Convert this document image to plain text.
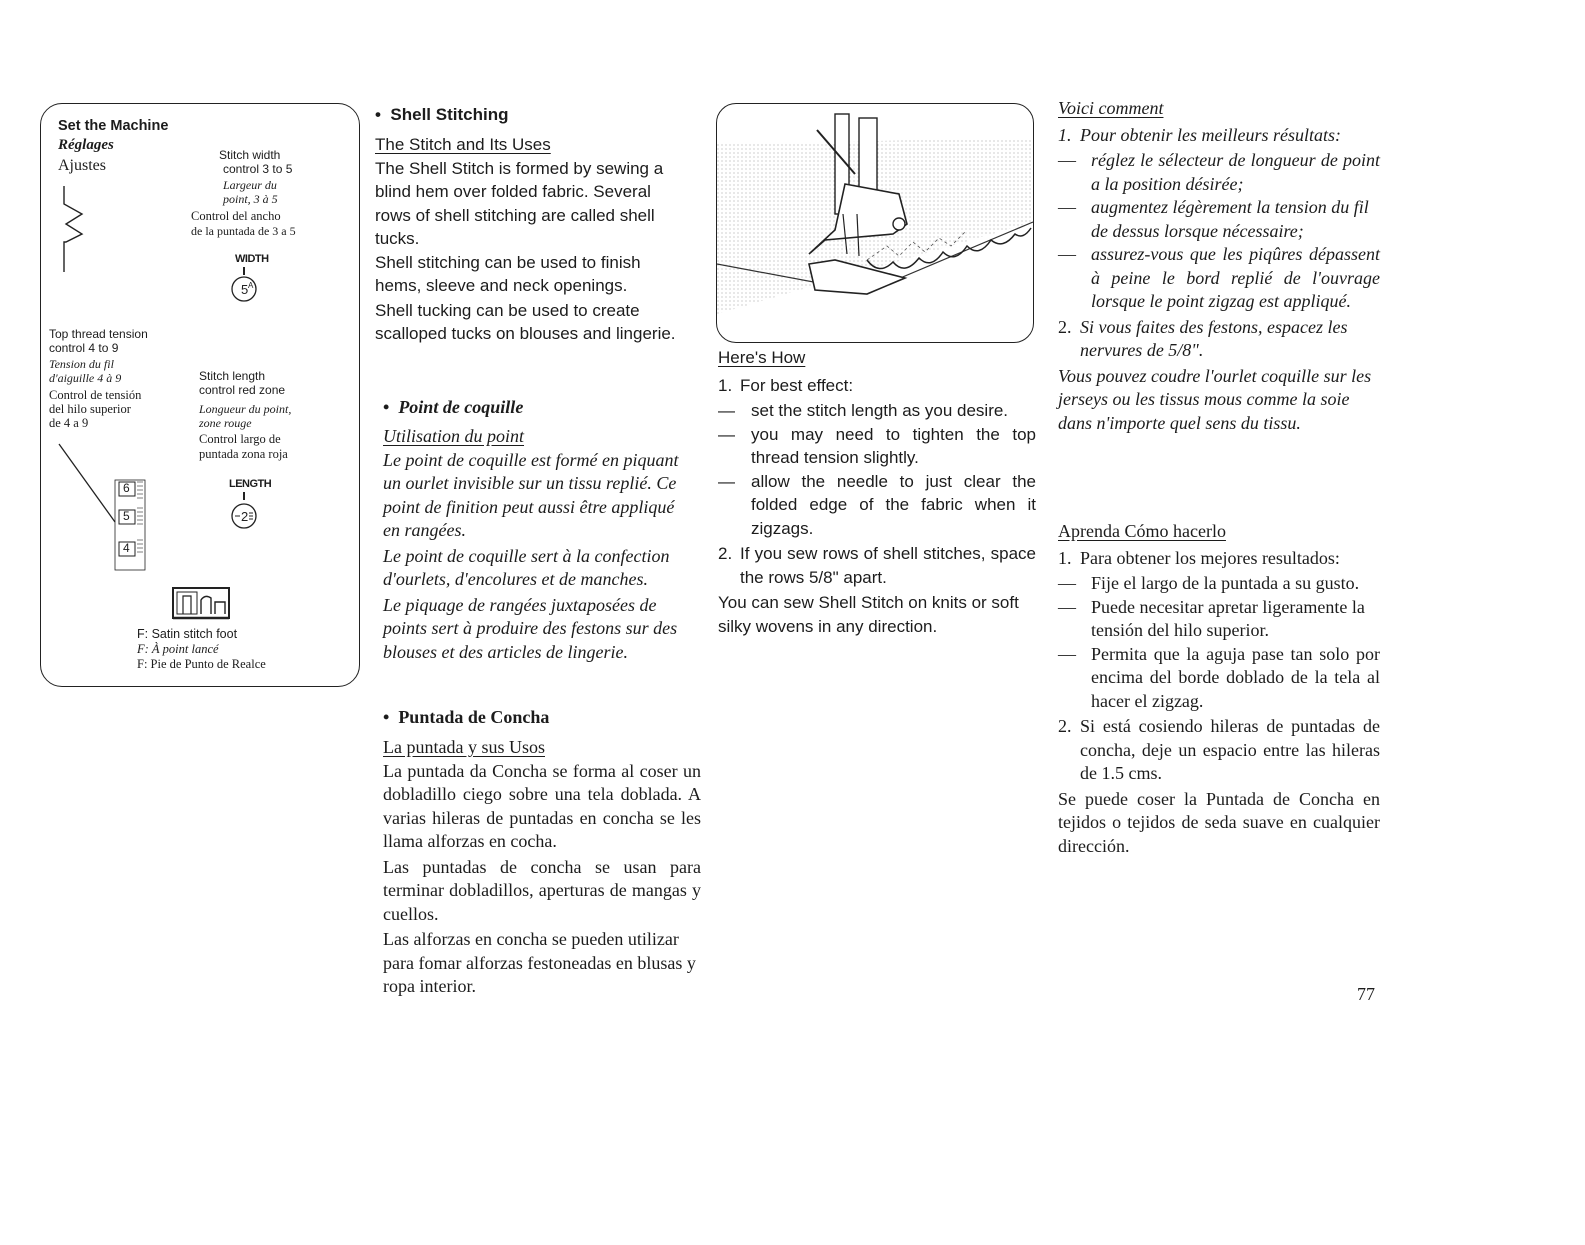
Set the Machine
Réglages
Ajustes
Stitch width
control 3 to 5
Largeur du
point, 3 à 5
Control del ancho
de la puntada de 3 a 5
WIDTH
5 A
Top thread tension
control 4 to 9
Tension du fil
d'aiguille 4 à 9
Control de tensión
del hilo superior
de 4 a 9
6
5
4
Stitch length
control red zone
Longueur du point,
zone rouge
Control largo de
puntada zona roja
LENGTH
2
F: Satin stitch foot
F: À point lancé
F: Pie de Punto de Realce
• Shell Stitching
The Stitch and Its Uses

The Shell Stitch is formed by sewing a blind hem over folded fabric. Several rows of shell stitching are called shell tucks.

Shell stitching can be used to finish hems, sleeve and neck openings.

Shell tucking can be used to create scalloped tucks on blouses and lingerie.

• Point de coquille
Utilisation du point

Le point de coquille est formé en piquant un ourlet invisible sur un tissu replié. Ce point de finition peut aussi être appliqué en rangées.

Le point de coquille sert à la confection d'ourlets, d'encolures et de manches.

Le piquage de rangées juxtaposées de points sert à produire des festons sur des blouses et des articles de lingerie.

• Puntada de Concha
La puntada y sus Usos

La puntada da Concha se forma al coser un dobladillo ciego sobre una tela doblada. A varias hileras de puntadas en concha se les llama alforzas en cocha.

Las puntadas de concha se usan para terminar dobladillos, aperturas de mangas y cuellos.

Las alforzas en concha se pueden utilizar para fomar alforzas festoneadas en blusas y ropa interior.

Here's How
1. For best effect:
— set the stitch length as you desire.
— you may need to tighten the top thread tension slightly.
— allow the needle to just clear the folded edge of the fabric when it zigzags.
2. If you sew rows of shell stitches, space the rows 5/8" apart.

You can sew Shell Stitch on knits or soft silky wovens in any direction.

Voici comment
1. Pour obtenir les meilleurs résultats:
— réglez le sélecteur de longueur de point a la position désirée;
— augmentez légèrement la tension du fil de dessus lorsque nécessaire;
— assurez-vous que les piqûres dépassent à peine le bord replié de l'ouvrage lorsque le point zigzag est appliqué.
2. Si vous faites des festons, espacez les nervures de 5/8".

Vous pouvez coudre l'ourlet coquille sur les jerseys ou les tissus mous comme la soie dans n'importe quel sens du tissu.

Aprenda Cómo hacerlo
1. Para obtener los mejores resultados:
— Fije el largo de la puntada a su gusto.
— Puede necesitar apretar ligeramente la tensión del hilo superior.
— Permita que la aguja pase tan solo por encima del borde doblado de la tela al hacer el zigzag.
2. Si está cosiendo hileras de puntadas de concha, deje un espacio entre las hileras de 1.5 cms.

Se puede coser la Puntada de Concha en tejidos o tejidos de seda suave en cualquier dirección.

77
